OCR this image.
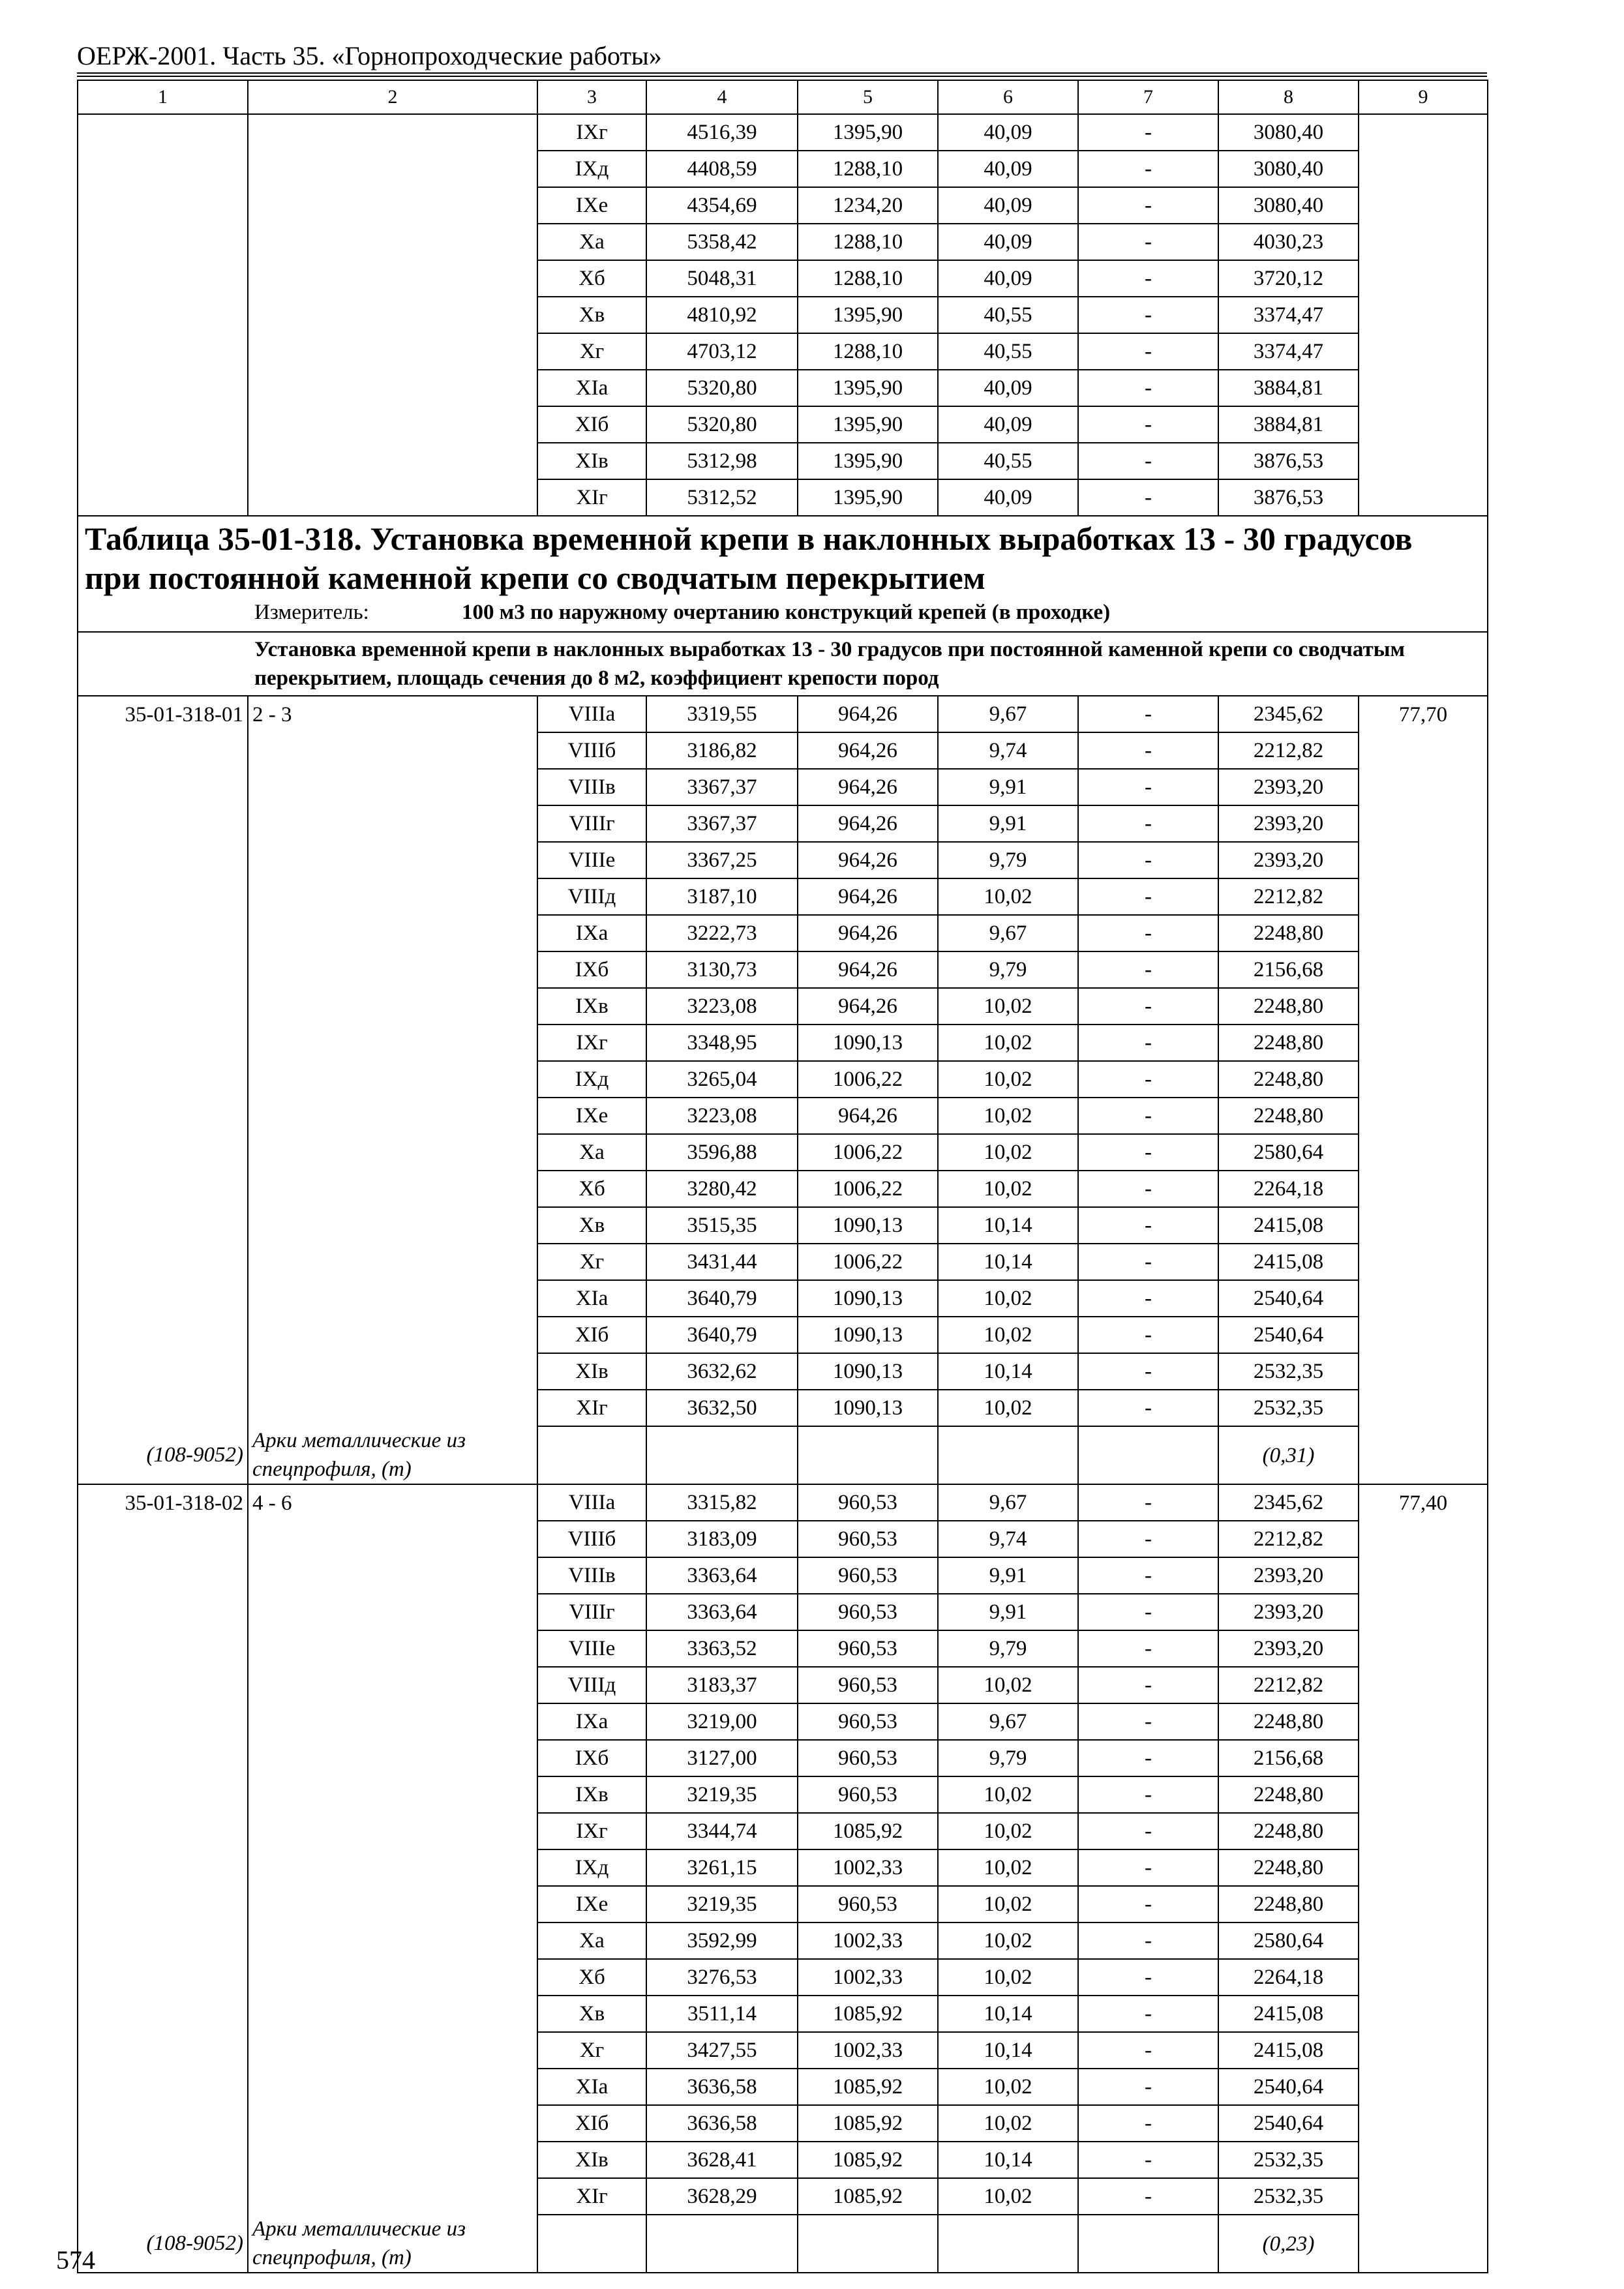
ОЕРЖ-2001. Часть 35. «Горнопроходческие работы»
1	2	3	4	5	6	7	8	9
		IXг	4516,39	1395,90	40,09	-	3080,40	
		IXд	4408,59	1288,10	40,09	-	3080,40	
		IXе	4354,69	1234,20	40,09	-	3080,40	
		Xa	5358,42	1288,10	40,09	-	4030,23	
		Xб	5048,31	1288,10	40,09	-	3720,12	
		Xв	4810,92	1395,90	40,55	-	3374,47	
		Xг	4703,12	1288,10	40,55	-	3374,47	
		XIa	5320,80	1395,90	40,09	-	3884,81	
		XIб	5320,80	1395,90	40,09	-	3884,81	
		XIв	5312,98	1395,90	40,55	-	3876,53	
		XIг	5312,52	1395,90	40,09	-	3876,53	

Таблица 35-01-318. Установка временной крепи в наклонных выработках 13 - 30 градусов
при постоянной каменной крепи со сводчатым перекрытием
Измеритель: 100 м3 по наружному очертанию конструкций крепей (в проходке)								

Установка временной крепи в наклонных выработках 13 - 30 градусов при постоянной каменной крепи со сводчатым перекрытием, площадь сечения до 8 м2, коэффициент крепости пород								
35-01-318-01	2 - 3	VIIIa	3319,55	964,26	9,67	-	2345,62	77,70
		VIIIб	3186,82	964,26	9,74	-	2212,82	
		VIIIв	3367,37	964,26	9,91	-	2393,20	
		VIIIг	3367,37	964,26	9,91	-	2393,20	
		VIIIе	3367,25	964,26	9,79	-	2393,20	
		VIIIд	3187,10	964,26	10,02	-	2212,82	
		IXa	3222,73	964,26	9,67	-	2248,80	
		IXб	3130,73	964,26	9,79	-	2156,68	
		IXв	3223,08	964,26	10,02	-	2248,80	
		IXг	3348,95	1090,13	10,02	-	2248,80	
		IXд	3265,04	1006,22	10,02	-	2248,80	
		IXе	3223,08	964,26	10,02	-	2248,80	
		Xa	3596,88	1006,22	10,02	-	2580,64	
		Xб	3280,42	1006,22	10,02	-	2264,18	
		Xв	3515,35	1090,13	10,14	-	2415,08	
		Xг	3431,44	1006,22	10,14	-	2415,08	
		XIa	3640,79	1090,13	10,02	-	2540,64	
		XIб	3640,79	1090,13	10,02	-	2540,64	
		XIв	3632,62	1090,13	10,14	-	2532,35	
		XIг	3632,50	1090,13	10,02	-	2532,35	
(108-9052)	Арки металлические из спецпрофиля, (т)						(0,31)	
35-01-318-02	4 - 6	VIIIa	3315,82	960,53	9,67	-	2345,62	77,40
		VIIIб	3183,09	960,53	9,74	-	2212,82	
		VIIIв	3363,64	960,53	9,91	-	2393,20	
		VIIIг	3363,64	960,53	9,91	-	2393,20	
		VIIIе	3363,52	960,53	9,79	-	2393,20	
		VIIIд	3183,37	960,53	10,02	-	2212,82	
		IXa	3219,00	960,53	9,67	-	2248,80	
		IXб	3127,00	960,53	9,79	-	2156,68	
		IXв	3219,35	960,53	10,02	-	2248,80	
		IXг	3344,74	1085,92	10,02	-	2248,80	
		IXд	3261,15	1002,33	10,02	-	2248,80	
		IXе	3219,35	960,53	10,02	-	2248,80	
		Xa	3592,99	1002,33	10,02	-	2580,64	
		Xб	3276,53	1002,33	10,02	-	2264,18	
		Xв	3511,14	1085,92	10,14	-	2415,08	
		Xг	3427,55	1002,33	10,14	-	2415,08	
		XIa	3636,58	1085,92	10,02	-	2540,64	
		XIб	3636,58	1085,92	10,02	-	2540,64	
		XIв	3628,41	1085,92	10,14	-	2532,35	
		XIг	3628,29	1085,92	10,02	-	2532,35	
(108-9052)	Арки металлические из спецпрофиля, (т)						(0,23)	
574
